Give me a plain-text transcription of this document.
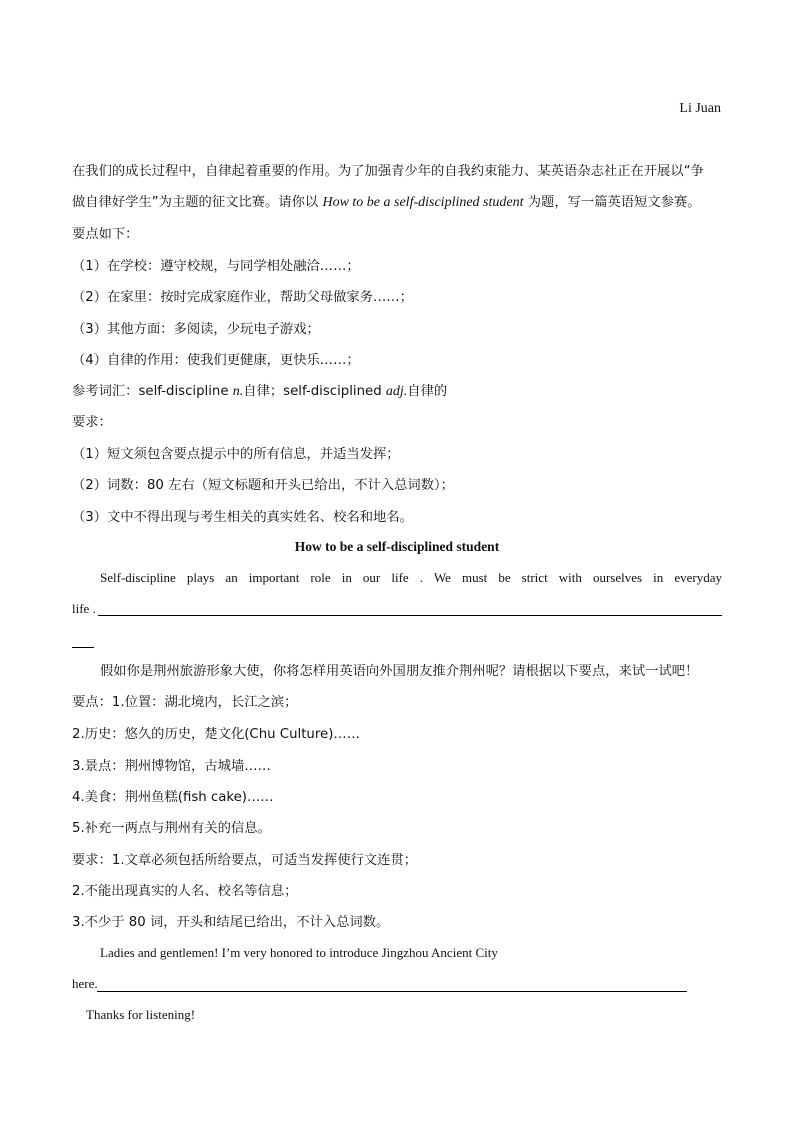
Li Juan
在我们的成长过程中，自律起着重要的作用。为了加强青少年的自我约束能力、某英语杂志社正在开展以“争
做自律好学生”为主题的征文比赛。请你以 How to be a self-disciplined student 为题，写一篇英语短文参赛。
要点如下：
（1）在学校：遵守校规，与同学相处融洽……；
（2）在家里：按时完成家庭作业，帮助父母做家务……；
（3）其他方面：多阅读，少玩电子游戏；
（4）自律的作用：使我们更健康，更快乐……；
参考词汇：self-discipline n.自律；self-disciplined adj.自律的
要求：
（1）短文须包含要点提示中的所有信息，并适当发挥；
（2）词数：80 左右（短文标题和开头已给出，不计入总词数）；
（3）文中不得出现与考生相关的真实姓名、校名和地名。
How to be a self-disciplined student
Self-discipline plays an important role in our life . We must be strict with ourselves in everyday
life .
假如你是荆州旅游形象大使，你将怎样用英语向外国朋友推介荆州呢？请根据以下要点，来试一试吧！
要点：1.位置：湖北境内，长江之滨；
2.历史：悠久的历史，楚文化(Chu Culture)……
3.景点：荆州博物馆，古城墙……
4.美食：荆州鱼糕(fish cake)……
5.补充一两点与荆州有关的信息。
要求：1.文章必须包括所给要点，可适当发挥使行文连贯；
2.不能出现真实的人名、校名等信息；
3.不少于 80 词，开头和结尾已给出，不计入总词数。
Ladies and gentlemen! I’m very honored to introduce Jingzhou Ancient City
here.
Thanks for listening!
